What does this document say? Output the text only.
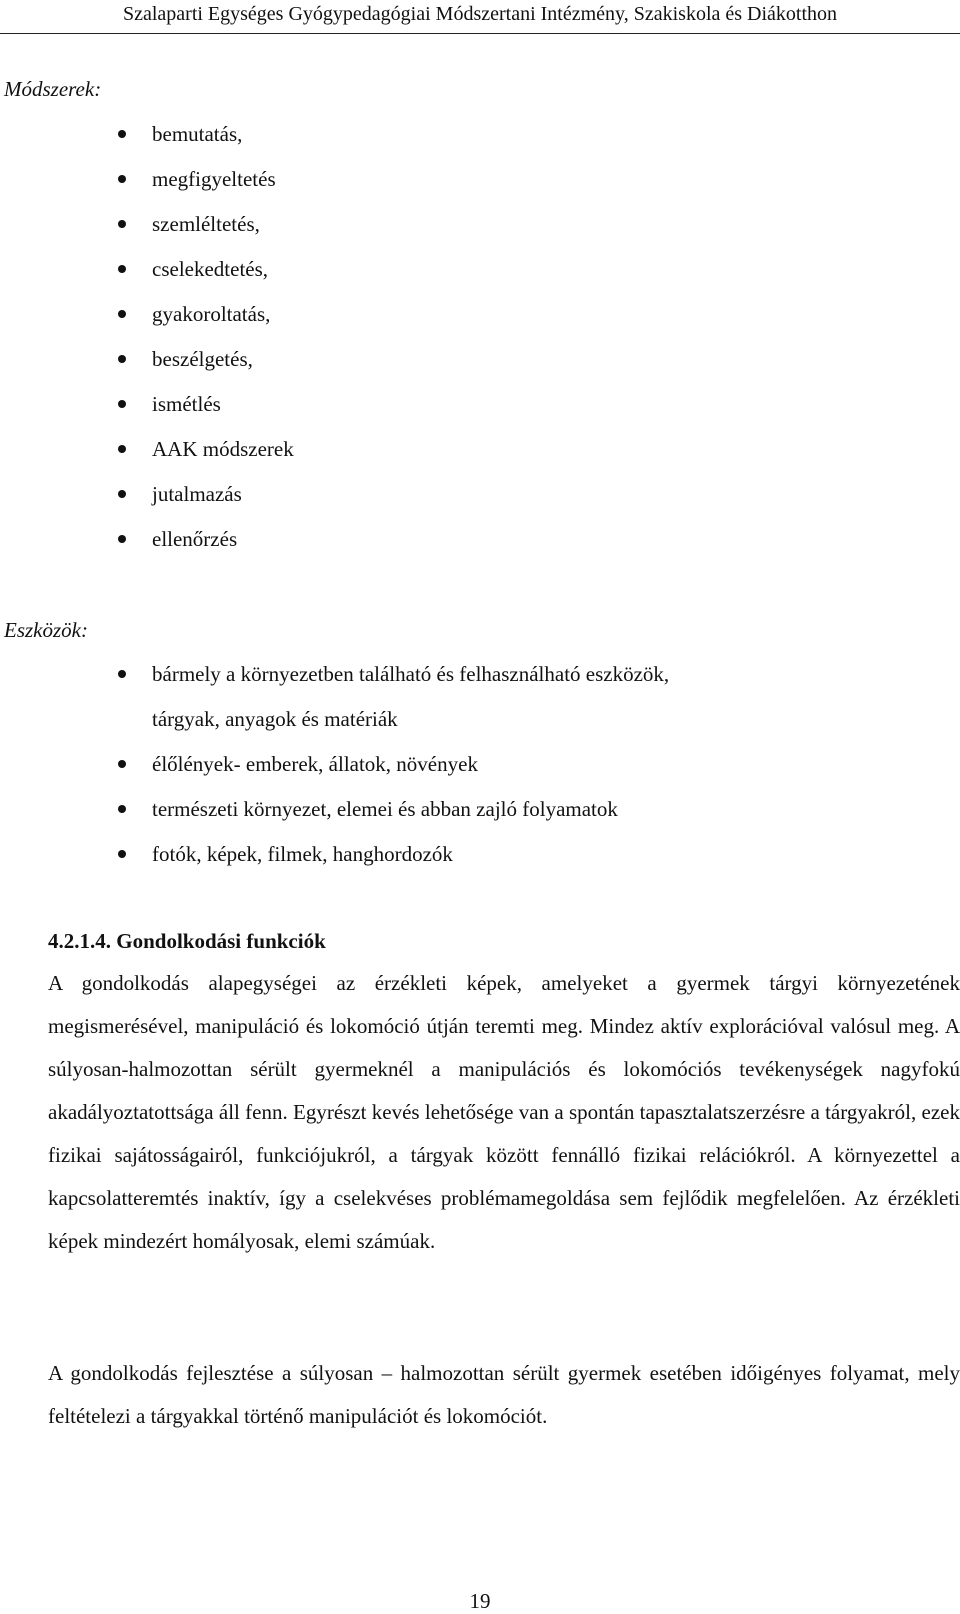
Szalaparti Egységes Gyógypedagógiai Módszertani Intézmény, Szakiskola és Diákotthon
Módszerek:
bemutatás,
megfigyeltetés
szemléltetés,
cselekedtetés,
gyakoroltatás,
beszélgetés,
ismétlés
AAK módszerek
jutalmazás
ellenőrzés
Eszközök:
bármely a környezetben található és felhasználható eszközök, tárgyak, anyagok és matériák
élőlények- emberek, állatok, növények
természeti környezet, elemei és abban zajló folyamatok
fotók, képek, filmek, hanghordozók
4.2.1.4. Gondolkodási funkciók
A gondolkodás alapegységei az érzékleti képek, amelyeket a gyermek tárgyi környezetének megismerésével, manipuláció és lokomóció útján teremti meg. Mindez aktív explorációval valósul meg. A súlyosan-halmozottan sérült gyermeknél a manipulációs és lokomóciós tevékenységek nagyfokú akadályoztatottsága áll fenn. Egyrészt kevés lehetősége van a spontán tapasztalatszerzésre a tárgyakról, ezek fizikai sajátosságairól, funkciójukról, a tárgyak között fennálló fizikai relációkról. A környezettel a kapcsolatteremtés inaktív, így a cselekvéses problémamegoldása sem fejlődik megfelelően. Az érzékleti képek mindezért homályosak, elemi számúak.
A gondolkodás fejlesztése a súlyosan – halmozottan sérült gyermek esetében időigényes folyamat, mely feltételezi a tárgyakkal történő manipulációt és lokomóciót.
19
